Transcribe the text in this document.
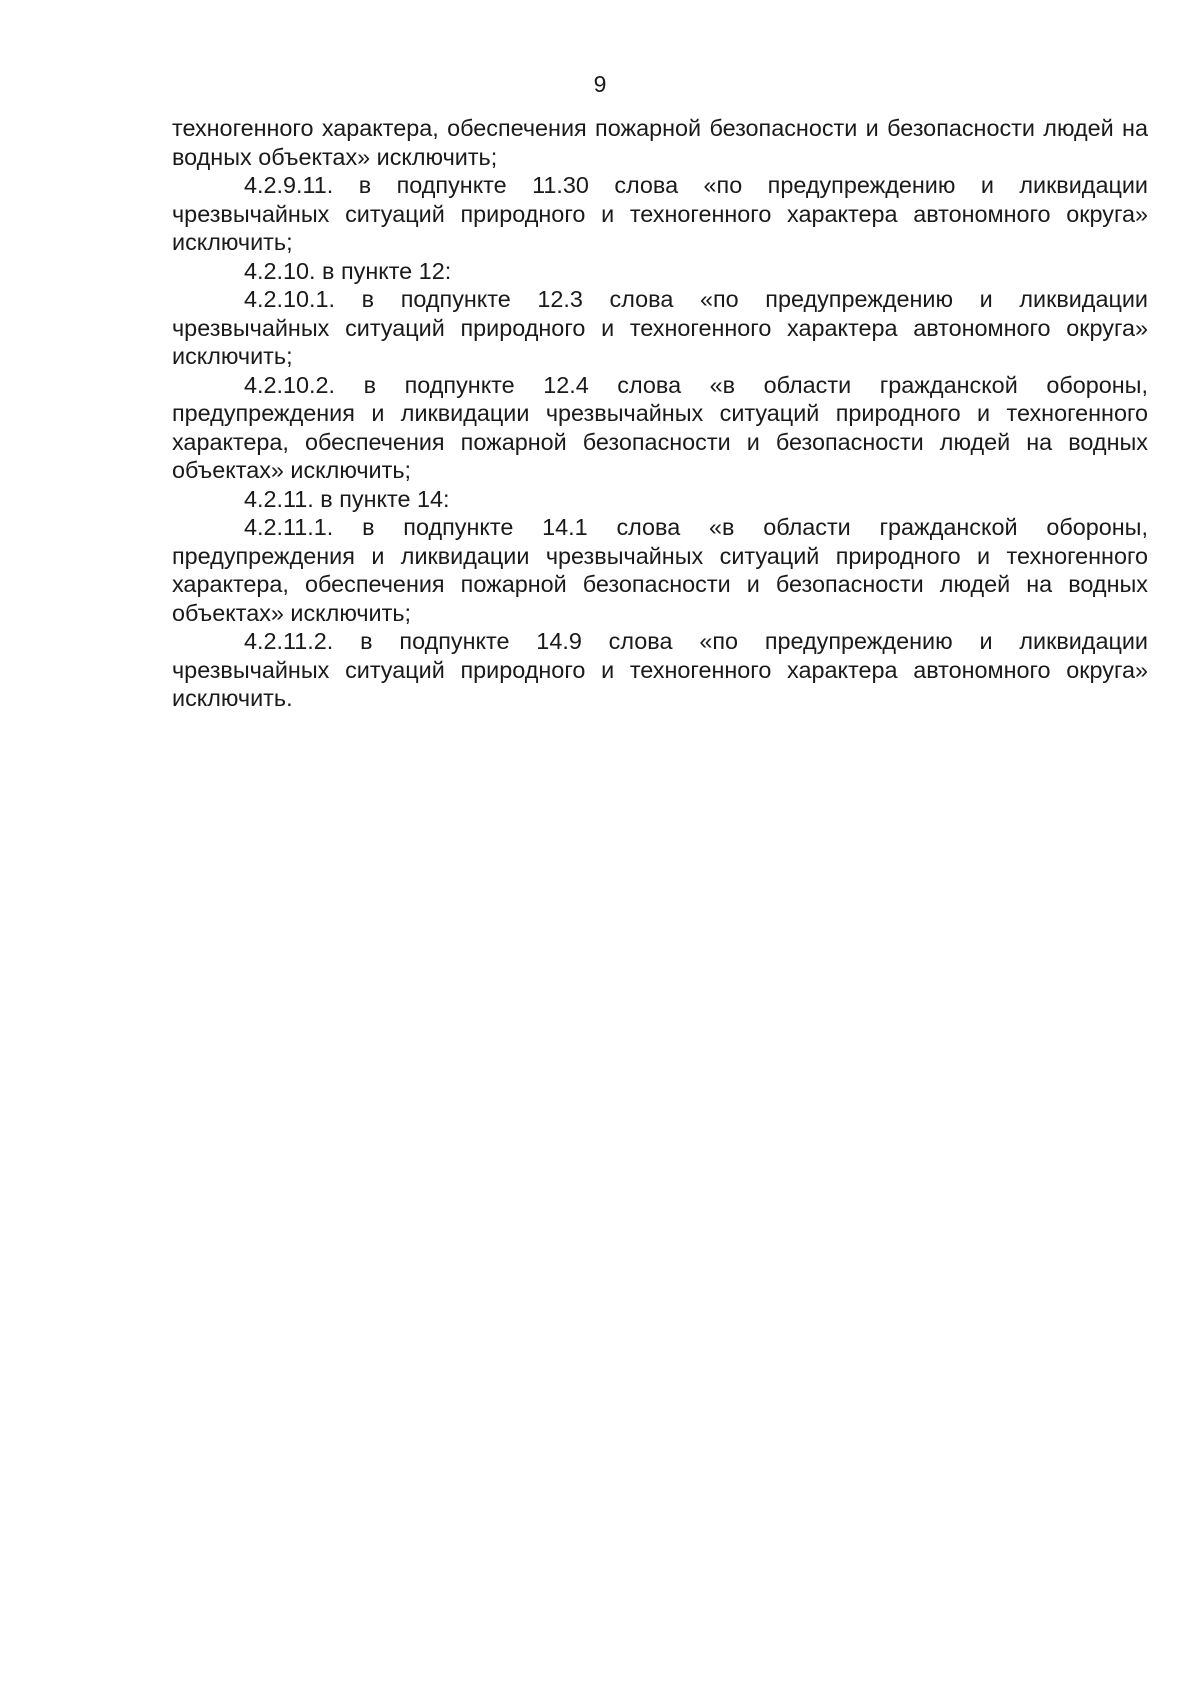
9

техногенного характера, обеспечения пожарной безопасности и безопасности людей на водных объектах» исключить;

4.2.9.11. в подпункте 11.30 слова «по предупреждению и ликвидации чрезвычайных ситуаций природного и техногенного характера автономного округа» исключить;

4.2.10. в пункте 12:

4.2.10.1. в подпункте 12.3 слова «по предупреждению и ликвидации чрезвычайных ситуаций природного и техногенного характера автономного округа» исключить;

4.2.10.2. в подпункте 12.4 слова «в области гражданской обороны, предупреждения и ликвидации чрезвычайных ситуаций природного и техногенного характера, обеспечения пожарной безопасности и безопасности людей на водных объектах» исключить;

4.2.11. в пункте 14:

4.2.11.1. в подпункте 14.1 слова «в области гражданской обороны, предупреждения и ликвидации чрезвычайных ситуаций природного и техногенного характера, обеспечения пожарной безопасности и безопасности людей на водных объектах» исключить;

4.2.11.2. в подпункте 14.9 слова «по предупреждению и ликвидации чрезвычайных ситуаций природного и техногенного характера автономного округа» исключить.
